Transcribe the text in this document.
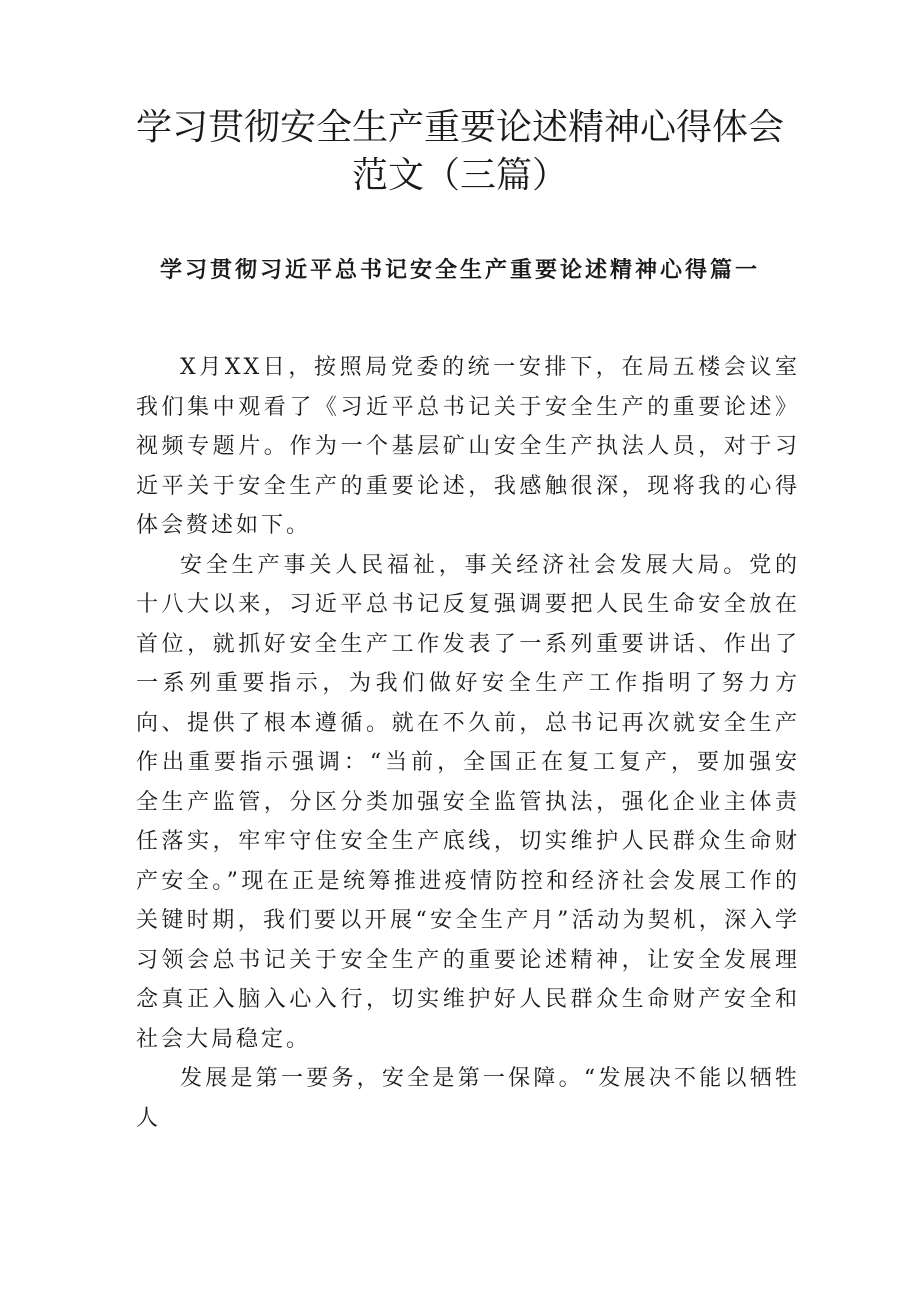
学习贯彻安全生产重要论述精神心得体会
范文（三篇）
学习贯彻习近平总书记安全生产重要论述精神心得篇一

X月XX日，按照局党委的统一安排下，在局五楼会议室我们集中观看了《习近平总书记关于安全生产的重要论述》视频专题片。作为一个基层矿山安全生产执法人员，对于习近平关于安全生产的重要论述，我感触很深，现将我的心得体会赘述如下。

安全生产事关人民福祉，事关经济社会发展大局。党的十八大以来，习近平总书记反复强调要把人民生命安全放在首位，就抓好安全生产工作发表了一系列重要讲话、作出了一系列重要指示，为我们做好安全生产工作指明了努力方向、提供了根本遵循。就在不久前，总书记再次就安全生产作出重要指示强调：“当前，全国正在复工复产，要加强安全生产监管，分区分类加强安全监管执法，强化企业主体责任落实，牢牢守住安全生产底线，切实维护人民群众生命财产安全。”现在正是统筹推进疫情防控和经济社会发展工作的关键时期，我们要以开展“安全生产月”活动为契机，深入学习领会总书记关于安全生产的重要论述精神，让安全发展理念真正入脑入心入行，切实维护好人民群众生命财产安全和社会大局稳定。

发展是第一要务，安全是第一保障。“发展决不能以牺牲人
